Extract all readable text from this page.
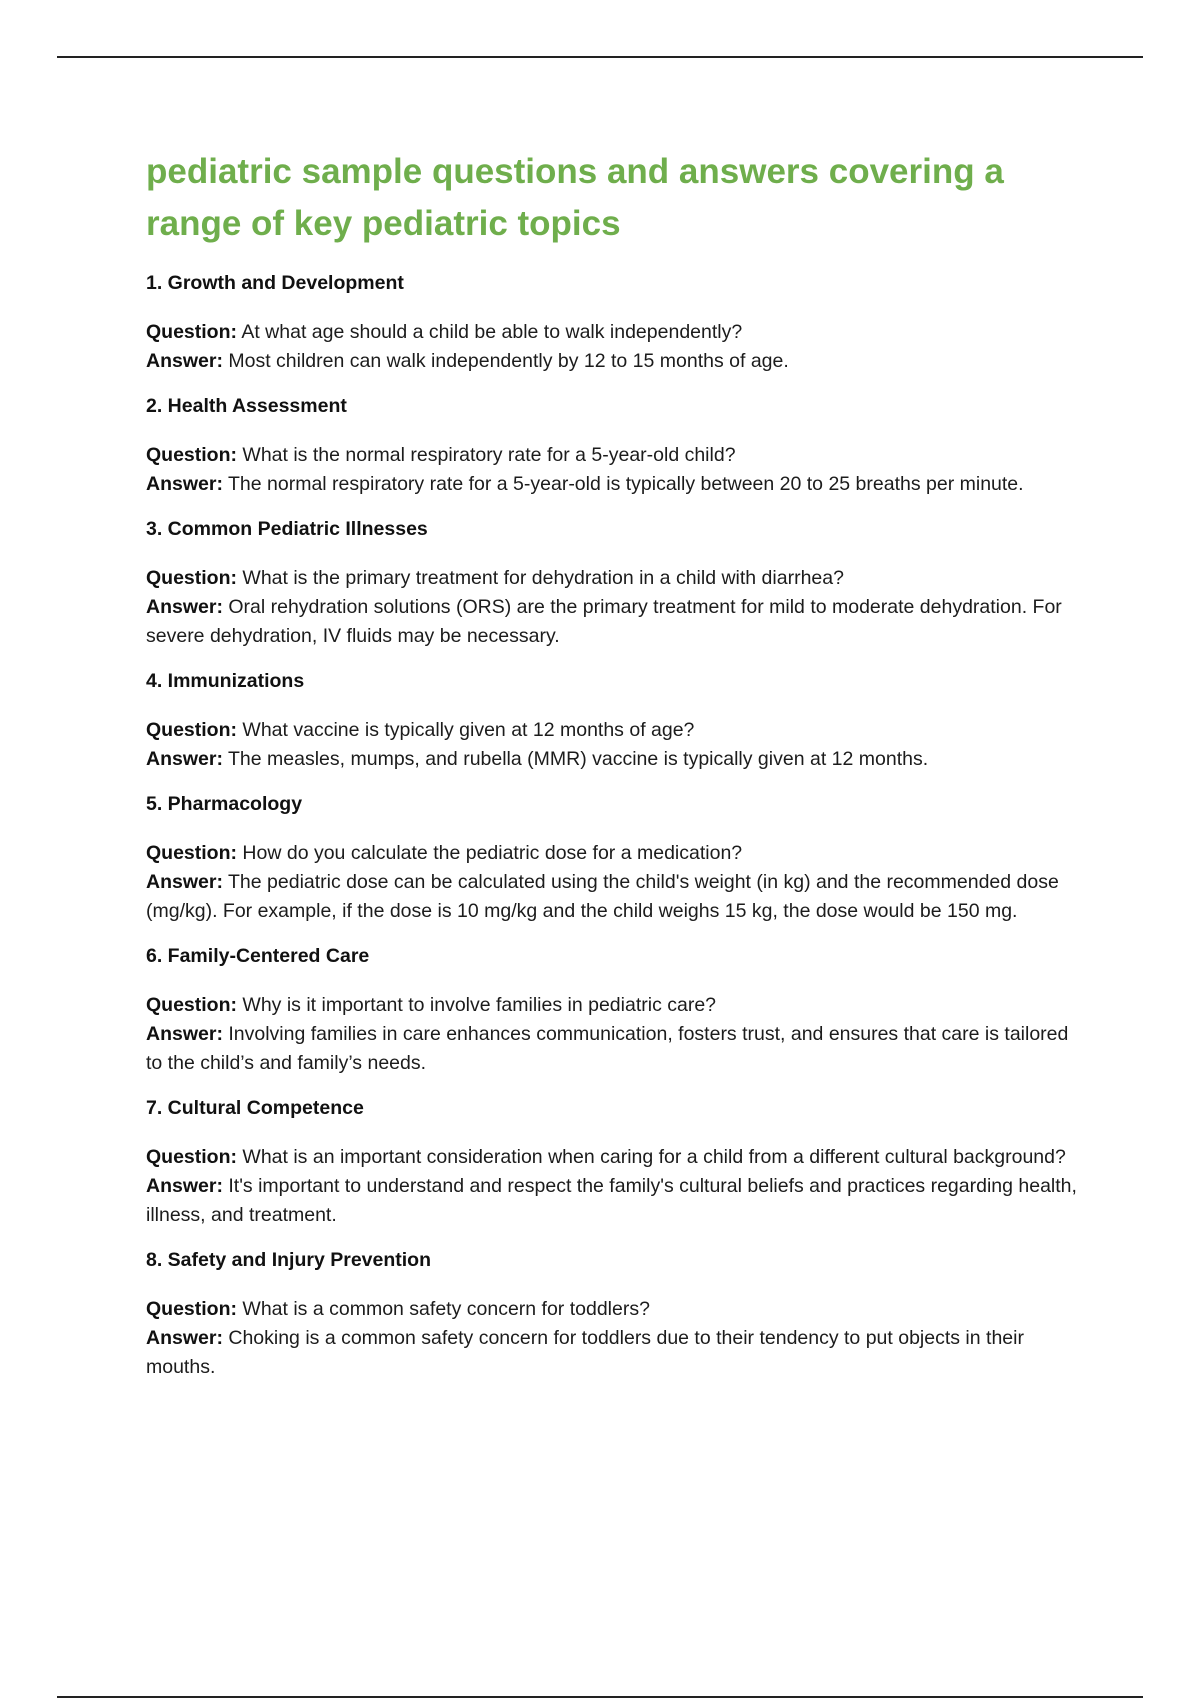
pediatric sample questions and answers covering a range of key pediatric topics
1. Growth and Development

Question: At what age should a child be able to walk independently?

Answer: Most children can walk independently by 12 to 15 months of age.

2. Health Assessment

Question: What is the normal respiratory rate for a 5-year-old child?

Answer: The normal respiratory rate for a 5-year-old is typically between 20 to 25 breaths per minute.

3. Common Pediatric Illnesses

Question: What is the primary treatment for dehydration in a child with diarrhea?

Answer: Oral rehydration solutions (ORS) are the primary treatment for mild to moderate dehydration. For severe dehydration, IV fluids may be necessary.

4. Immunizations

Question: What vaccine is typically given at 12 months of age?

Answer: The measles, mumps, and rubella (MMR) vaccine is typically given at 12 months.

5. Pharmacology

Question: How do you calculate the pediatric dose for a medication?

Answer: The pediatric dose can be calculated using the child's weight (in kg) and the recommended dose (mg/kg). For example, if the dose is 10 mg/kg and the child weighs 15 kg, the dose would be 150 mg.

6. Family-Centered Care

Question: Why is it important to involve families in pediatric care?

Answer: Involving families in care enhances communication, fosters trust, and ensures that care is tailored to the child’s and family’s needs.

7. Cultural Competence

Question: What is an important consideration when caring for a child from a different cultural background?

Answer: It's important to understand and respect the family's cultural beliefs and practices regarding health, illness, and treatment.

8. Safety and Injury Prevention

Question: What is a common safety concern for toddlers?

Answer: Choking is a common safety concern for toddlers due to their tendency to put objects in their mouths.
